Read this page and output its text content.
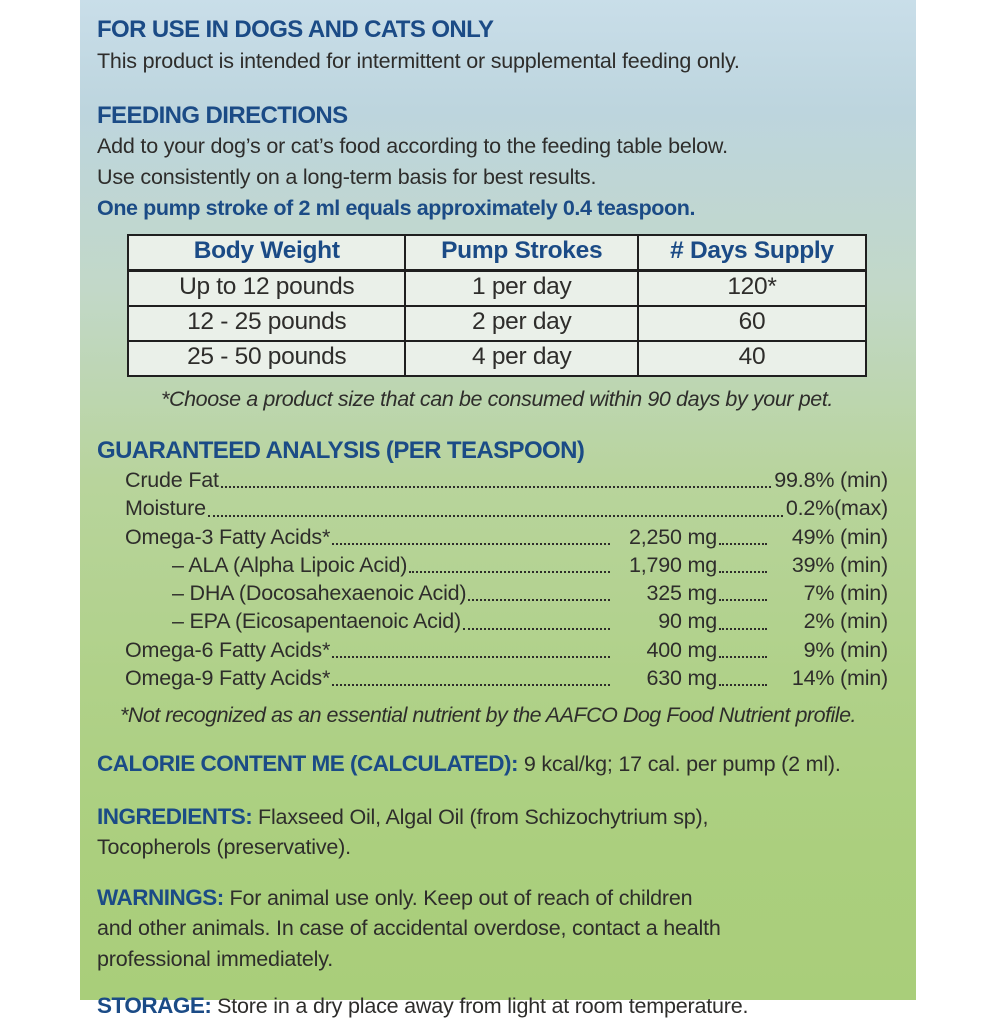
FOR USE IN DOGS AND CATS ONLY
This product is intended for intermittent or supplemental feeding only.
FEEDING DIRECTIONS
Add to your dog’s or cat’s food according to the feeding table below.
Use consistently on a long-term basis for best results.
One pump stroke of 2 ml equals approximately 0.4 teaspoon.
Body Weight	Pump Strokes	# Days Supply
Up to 12 pounds	1 per day	120*
12 - 25 pounds	2 per day	60
25 - 50 pounds	4 per day	40
*Choose a product size that can be consumed within 90 days by your pet.
GUARANTEED ANALYSIS (PER TEASPOON)
Crude Fat	99.8% (min)
Moisture	0.2%(max)
Omega-3 Fatty Acids*	2,250 mg	49% (min)
– ALA (Alpha Lipoic Acid)	1,790 mg	39% (min)
– DHA (Docosahexaenoic Acid)	325 mg	7% (min)
– EPA (Eicosapentaenoic Acid)	90 mg	2% (min)
Omega-6 Fatty Acids*	400 mg	9% (min)
Omega-9 Fatty Acids*	630 mg	14% (min)
*Not recognized as an essential nutrient by the AAFCO Dog Food Nutrient profile.
CALORIE CONTENT ME (CALCULATED): 9 kcal/kg; 17 cal. per pump (2 ml).
INGREDIENTS: Flaxseed Oil, Algal Oil (from Schizochytrium sp),
Tocopherols (preservative).
WARNINGS: For animal use only. Keep out of reach of children
and other animals. In case of accidental overdose, contact a health
professional immediately.
STORAGE: Store in a dry place away from light at room temperature.
